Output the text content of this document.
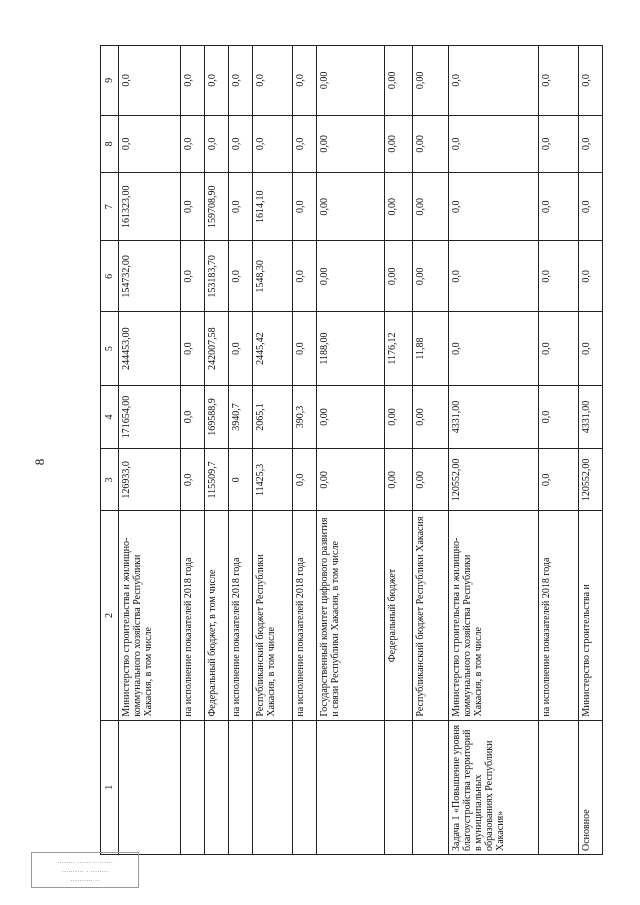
8
1	2	3	4	5	6	7	8	9
	Министерство строительства и жилищно-коммунального хозяйства Республики Хакасия, в том числе	126933,0	171654,00	244453,00	154732,00	161323,00	0,0	0,0
	на исполнение показателей 2018 года	0,0	0,0	0,0	0,0	0,0	0,0	0,0
	Федеральный бюджет, в том числе	115509,7	169588,9	242007,58	153183,70	159708,90	0,0	0,0
	на исполнение показателей 2018 года	0	3940,7	0,0	0,0	0,0	0,0	0,0
	Республиканский бюджет Республики Хакасия, в том числе	11425,3	2065,1	2445,42	1548,30	1614,10	0,0	0,0
	на исполнение показателей 2018 года	0,0	390,3	0,0	0,0	0,0	0,0	0,0
	Государственный комитет цифрового развития и связи Республики Хакасия, в том числе	0,00	0,00	1188,00	0,00	0,00	0,00	0,00
	Федеральный бюджет	0,00	0,00	1176,12	0,00	0,00	0,00	0,00
	Республиканский бюджет Республики Хакасия	0,00	0,00	11,88	0,00	0,00	0,00	0,00
Задача 1 «Повышение уровня благоустройства территорий в муниципальных образованиях Республики Хакасия»	Министерство строительства и жилищно-коммунального хозяйства Республики Хакасия, в том числе	120552,00	4331,00	0,0	0,0	0,0	0,0	0,0
	на исполнение показателей 2018 года	0,0	0,0	0,0	0,0	0,0	0,0	0,0
Основное	Министерство строительства и	120552,00	4331,00	0,0	0,0	0,0	0,0	0,0
........ ...... .. ......
.......... . ........
.......... ..
